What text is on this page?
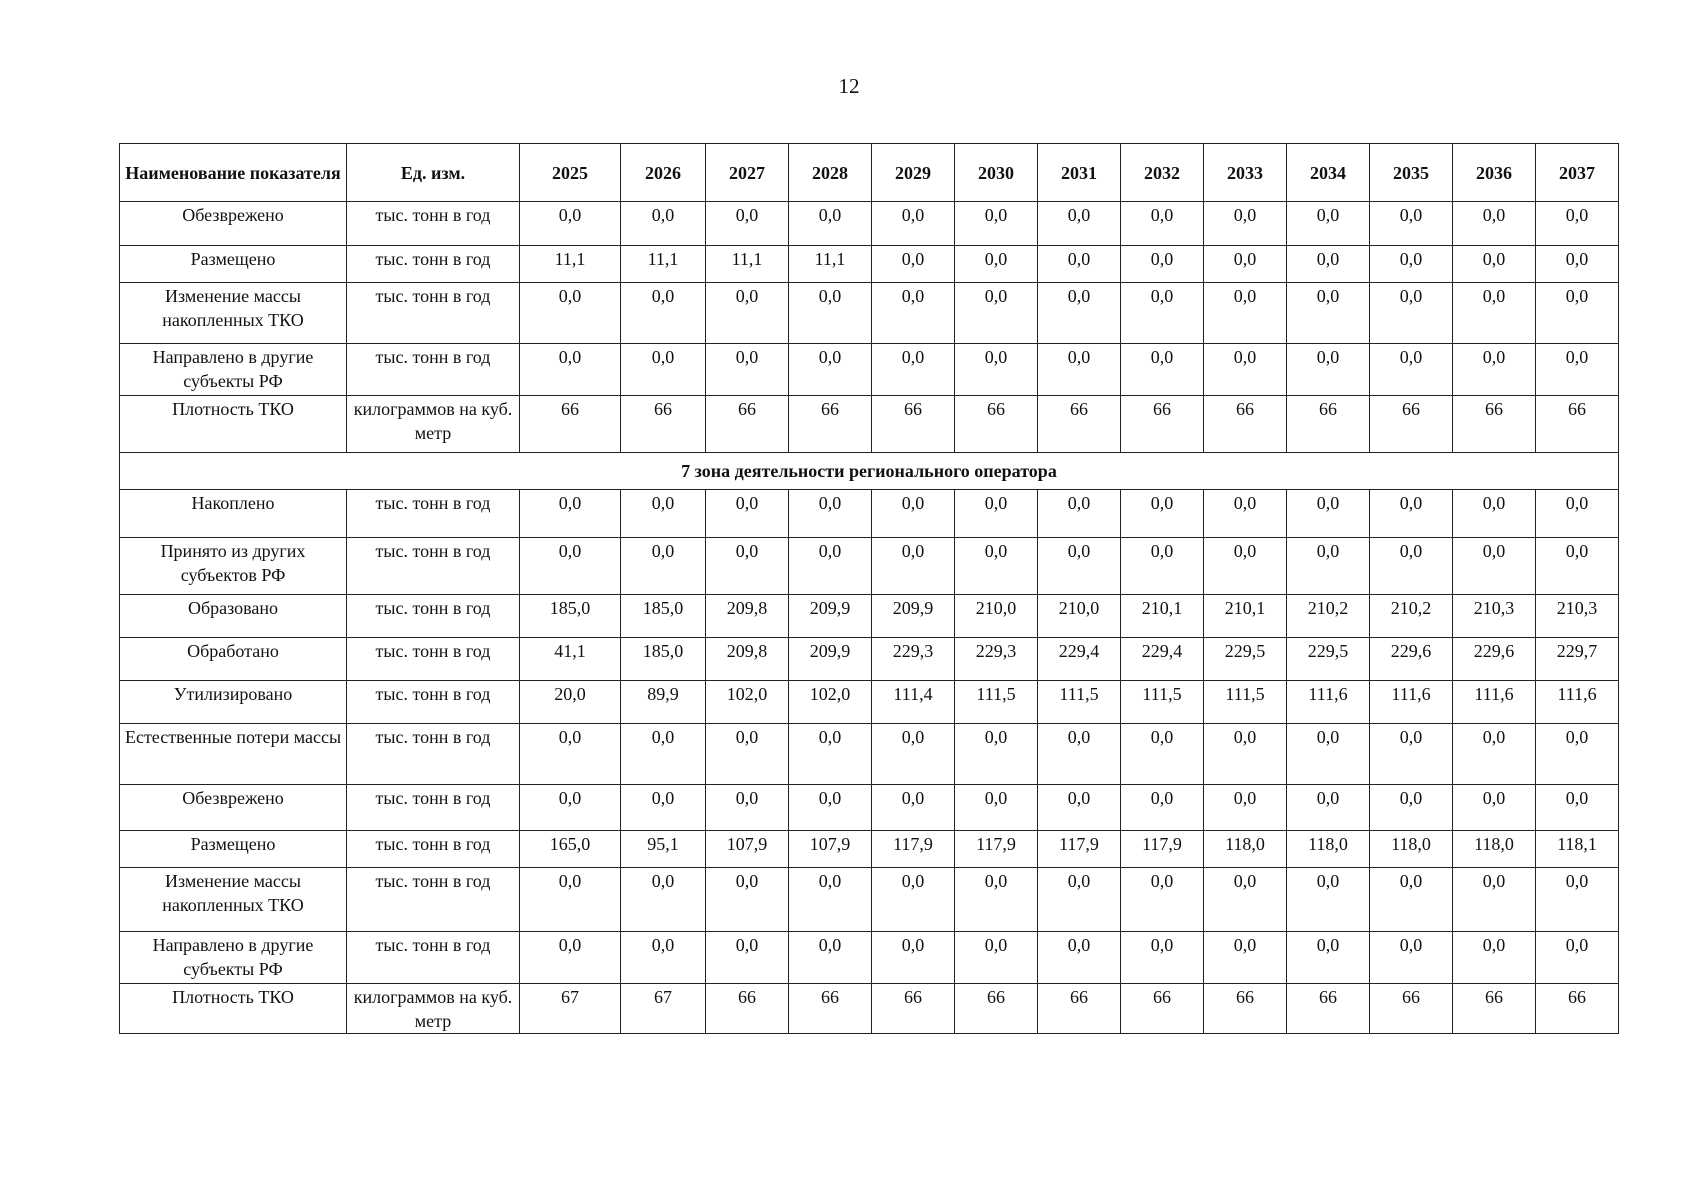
12
Наименование показателя	Ед. изм.	2025	2026	2027	2028	2029	2030	2031	2032	2033	2034	2035	2036	2037
Обезврежено	тыс. тонн в год	0,0	0,0	0,0	0,0	0,0	0,0	0,0	0,0	0,0	0,0	0,0	0,0	0,0
Размещено	тыс. тонн в год	11,1	11,1	11,1	11,1	0,0	0,0	0,0	0,0	0,0	0,0	0,0	0,0	0,0
Изменение массы накопленных ТКО	тыс. тонн в год	0,0	0,0	0,0	0,0	0,0	0,0	0,0	0,0	0,0	0,0	0,0	0,0	0,0
Направлено в другие субъекты РФ	тыс. тонн в год	0,0	0,0	0,0	0,0	0,0	0,0	0,0	0,0	0,0	0,0	0,0	0,0	0,0
Плотность ТКО	килограммов на куб. метр	66	66	66	66	66	66	66	66	66	66	66	66	66
7 зона деятельности регионального оператора														
Накоплено	тыс. тонн в год	0,0	0,0	0,0	0,0	0,0	0,0	0,0	0,0	0,0	0,0	0,0	0,0	0,0
Принято из других субъектов РФ	тыс. тонн в год	0,0	0,0	0,0	0,0	0,0	0,0	0,0	0,0	0,0	0,0	0,0	0,0	0,0
Образовано	тыс. тонн в год	185,0	185,0	209,8	209,9	209,9	210,0	210,0	210,1	210,1	210,2	210,2	210,3	210,3
Обработано	тыс. тонн в год	41,1	185,0	209,8	209,9	229,3	229,3	229,4	229,4	229,5	229,5	229,6	229,6	229,7
Утилизировано	тыс. тонн в год	20,0	89,9	102,0	102,0	111,4	111,5	111,5	111,5	111,5	111,6	111,6	111,6	111,6
Естественные потери массы	тыс. тонн в год	0,0	0,0	0,0	0,0	0,0	0,0	0,0	0,0	0,0	0,0	0,0	0,0	0,0
Обезврежено	тыс. тонн в год	0,0	0,0	0,0	0,0	0,0	0,0	0,0	0,0	0,0	0,0	0,0	0,0	0,0
Размещено	тыс. тонн в год	165,0	95,1	107,9	107,9	117,9	117,9	117,9	117,9	118,0	118,0	118,0	118,0	118,1
Изменение массы накопленных ТКО	тыс. тонн в год	0,0	0,0	0,0	0,0	0,0	0,0	0,0	0,0	0,0	0,0	0,0	0,0	0,0
Направлено в другие субъекты РФ	тыс. тонн в год	0,0	0,0	0,0	0,0	0,0	0,0	0,0	0,0	0,0	0,0	0,0	0,0	0,0
Плотность ТКО	килограммов на куб. метр	67	67	66	66	66	66	66	66	66	66	66	66	66
